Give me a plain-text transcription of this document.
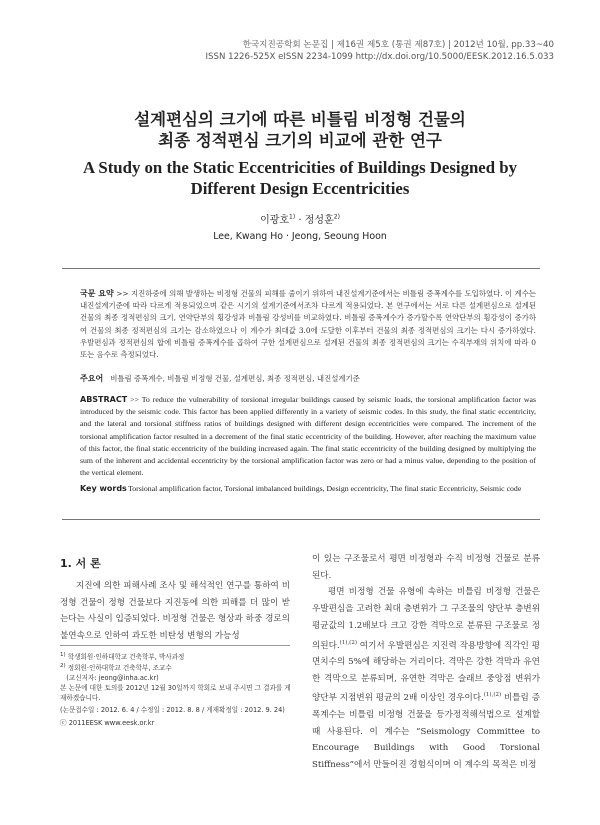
한국지진공학회 논문집 | 제16권 제5호 (통권 제87호) | 2012년 10월, pp.33~40
ISSN 1226-525X eISSN 2234-1099 http://dx.doi.org/10.5000/EESK.2012.16.5.033
설계편심의 크기에 따른 비틀림 비정형 건물의
최종 정적편심 크기의 비교에 관한 연구
A Study on the Static Eccentricities of Buildings Designed by
Different Design Eccentricities
이광호$^{1)}$ · 정성훈$^{2)}$
Lee, Kwang Ho · Jeong, Seoung Hoon
국문 요약 >> 지진하중에 의해 발생하는 비정형 건물의 피해를 줄이기 위하여 내진설계기준에서는 비틀림 증폭계수를 도입하였다. 이 계수는 내진설계기준에 따라 다르게 적용되었으며 같은 시기의 설계기준에서조차 다르게 적용되었다. 본 연구에서는 서로 다른 설계편심으로 설계된 건물의 최종 정적편심의 크기, 연약단부의 횡강성과 비틀림 강성비를 비교하였다. 비틀림 증폭계수가 증가할수록 연약단부의 횡강성이 증가하여 건물의 최종 정적편심의 크기는 감소하였으나 이 계수가 최대값 3.0에 도달한 이후부터 건물의 최종 정적편심의 크기는 다시 증가하였다. 우발편심과 정적편심의 합에 비틀림 증폭계수를 곱하여 구한 설계편심으로 설계된 건물의 최종 정적편심의 크기는 수직부재의 위치에 따라 0 또는 음수로 측정되었다.
주요어 비틀림 증폭계수, 비틀림 비정형 건물, 설계편심, 최종 정적편심, 내진설계기준
ABSTRACT >> To reduce the vulnerability of torsional irregular buildings caused by seismic loads, the torsional amplification factor was introduced by the seismic code. This factor has been applied differently in a variety of seismic codes. In this study, the final static eccentricity, and the lateral and torsional stiffness ratios of buildings designed with different design eccentricities were compared. The increment of the torsional amplification factor resulted in a decrement of the final static eccentricity of the building. However, after reaching the maximum value of this factor, the final static eccentricity of the building increased again. The final static eccentricity of the building designed by multiplying the sum of the inherent and accidental eccentricity by the torsional amplification factor was zero or had a minus value, depending to the position of the vertical element.
Key words Torsional amplification factor, Torsional imbalanced buildings, Design eccentricity, The final static Eccentricity, Seismic code
1. 서 론
지진에 의한 피해사례 조사 및 해석적인 연구를 통하여 비정형 건물이 정형 건물보다 지진동에 의한 피해를 더 많이 받는다는 사실이 입증되었다. 비정형 건물은 형상과 하중 경로의 불연속으로 인하여 과도한 비탄성 변형의 가능성

이 있는 구조물로서 평면 비정형과 수직 비정형 건물로 분류된다.

평면 비정형 건물 유형에 속하는 비틀림 비정형 건물은 우발편심을 고려한 최대 층변위가 그 구조물의 양단부 층변위 평균값의 1.2배보다 크고 강한 격막으로 분류된 구조물로 정의된다.$^{(1),(2)}$ 여기서 우발편심은 지진력 작용방향에 직각인 평면치수의 5%에 해당하는 거리이다. 격막은 강한 격막과 유연한 격막으로 분류되며, 유연한 격막은 슬래브 중앙점 변위가 양단부 지점변위 평균의 2배 이상인 경우이다.$^{(1),(2)}$ 비틀림 증폭계수는 비틀림 비정형 건물을 등가정적해석법으로 설계할 때 사용된다. 이 계수는 “Seismology Committee to Encourage Buildings with Good Torsional Stiffness”에서 만들어진 경험식이며 이 계수의 목적은 비정

$^{1)}$ 학생회원·인하대학교 건축학부, 박사과정
$^{2)}$ 정회원·인하대학교 건축학부, 조교수
(교신저자: jeong@inha.ac.kr)
본 논문에 대한 토의를 2012년 12월 30일까지 학회로 보내 주시면 그 결과를 게재하겠습니다.
(논문접수일 : 2012. 6. 4 / 수정일 : 2012. 8. 8 / 게재확정일 : 2012. 9. 24)
ⓒ 2011EESK www.eesk.or.kr
